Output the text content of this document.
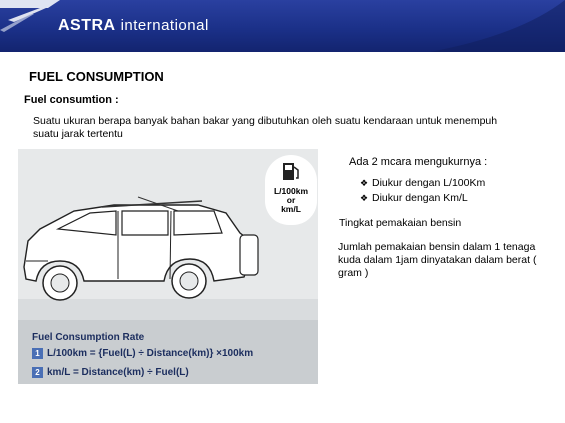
ASTRA international
FUEL CONSUMPTION
Fuel consumtion :
Suatu ukuran berapa banyak bahan bakar yang dibutuhkan oleh suatu kendaraan untuk menempuh suatu jarak tertentu
L/100km
or
km/L
Fuel Consumption Rate
1 L/100km = {Fuel(L) ÷ Distance(km)} ×100km
2 km/L = Distance(km) ÷ Fuel(L)
Ada 2 mcara mengukurnya :
❖ Diukur dengan L/100Km
❖ Diukur dengan Km/L
Tingkat pemakaian bensin
Jumlah pemakaian bensin dalam 1 tenaga kuda dalam 1jam dinyatakan dalam berat ( gram )
